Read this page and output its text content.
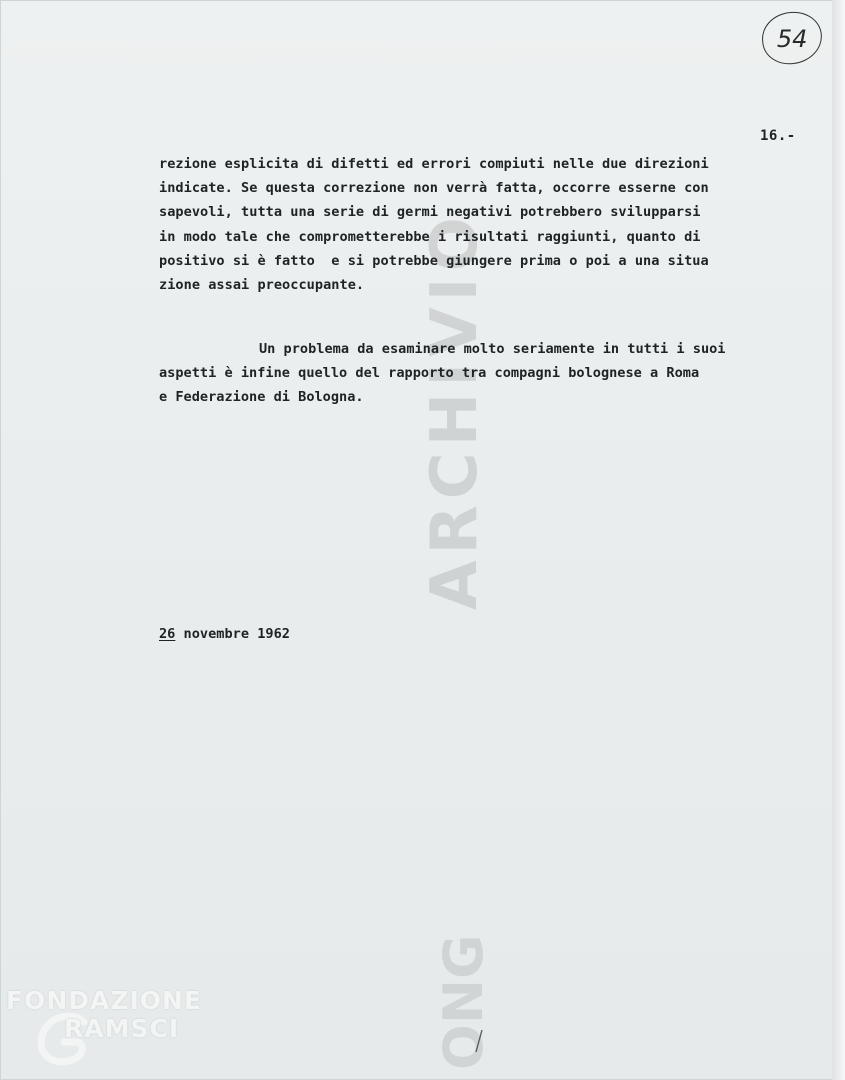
ARCHIVIO
ONG
54

16.-

rezione esplicita di difetti ed errori compiuti nelle due direzioni
indicate. Se questa correzione non verrà fatta, occorre esserne con
sapevoli, tutta una serie di germi negativi potrebbero svilupparsi
in modo tale che comprometterebbe i risultati raggiunti, quanto di
positivo si è fatto  e si potrebbe giungere prima o poi a una situa
zione assai preoccupante.
Un problema da esaminare molto seriamente in tutti i suoi
aspetti è infine quello del rapporto tra compagni bolognese a Roma
e Federazione di Bologna.

26 novembre 1962

FONDAZIONE
RAMSCI
